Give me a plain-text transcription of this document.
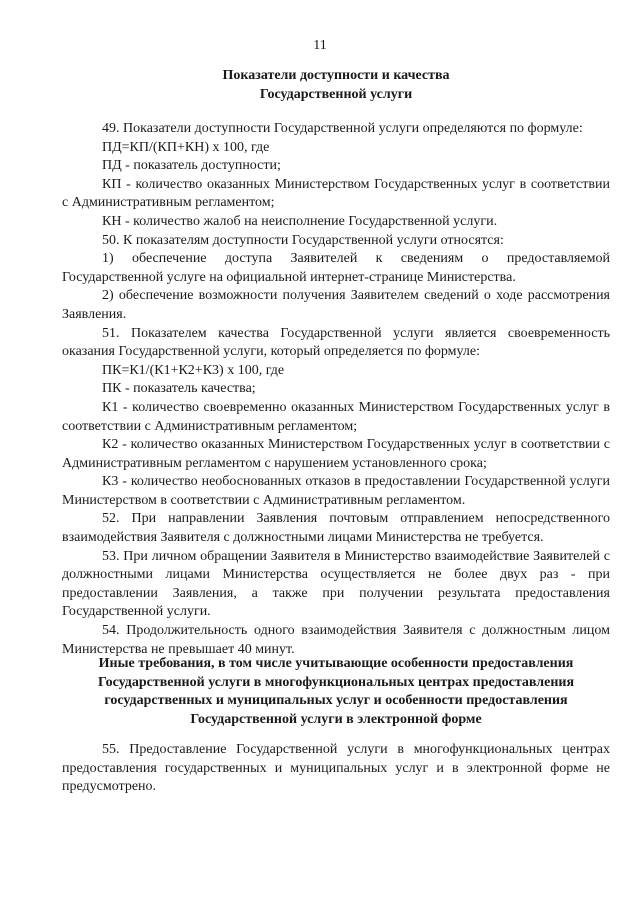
11
Показатели доступности и качества
Государственной услуги

49. Показатели доступности Государственной услуги определяются по формуле:

ПД=КП/(КП+КН) х 100, где

ПД - показатель доступности;

КП - количество оказанных Министерством Государственных услуг в соответствии с Административным регламентом;

КН - количество жалоб на неисполнение Государственной услуги.

50. К показателям доступности Государственной услуги относятся:

1) обеспечение доступа Заявителей к сведениям о предоставляемой Государственной услуге на официальной интернет-странице Министерства.

2) обеспечение возможности получения Заявителем сведений о ходе рассмотрения Заявления.

51. Показателем качества Государственной услуги является своевременность оказания Государственной услуги, который определяется по формуле:

ПК=К1/(К1+К2+К3) х 100, где

ПК - показатель качества;

К1 - количество своевременно оказанных Министерством Государственных услуг в соответствии с Административным регламентом;

К2 - количество оказанных Министерством Государственных услуг в соответствии с Административным регламентом с нарушением установленного срока;

К3 - количество необоснованных отказов в предоставлении Государственной услуги Министерством в соответствии с Административным регламентом.

52. При направлении Заявления почтовым отправлением непосредственного взаимодействия Заявителя с должностными лицами Министерства не требуется.

53. При личном обращении Заявителя в Министерство взаимодействие Заявителей с должностными лицами Министерства осуществляется не более двух раз - при предоставлении Заявления, а также при получении результата предоставления Государственной услуги.

54. Продолжительность одного взаимодействия Заявителя с должностным лицом Министерства не превышает 40 минут.

Иные требования, в том числе учитывающие особенности предоставления
Государственной услуги в многофункциональных центрах предоставления
государственных и муниципальных услуг и особенности предоставления
Государственной услуги в электронной форме

55. Предоставление Государственной услуги в многофункциональных центрах предоставления государственных и муниципальных услуг и в электронной форме не предусмотрено.
